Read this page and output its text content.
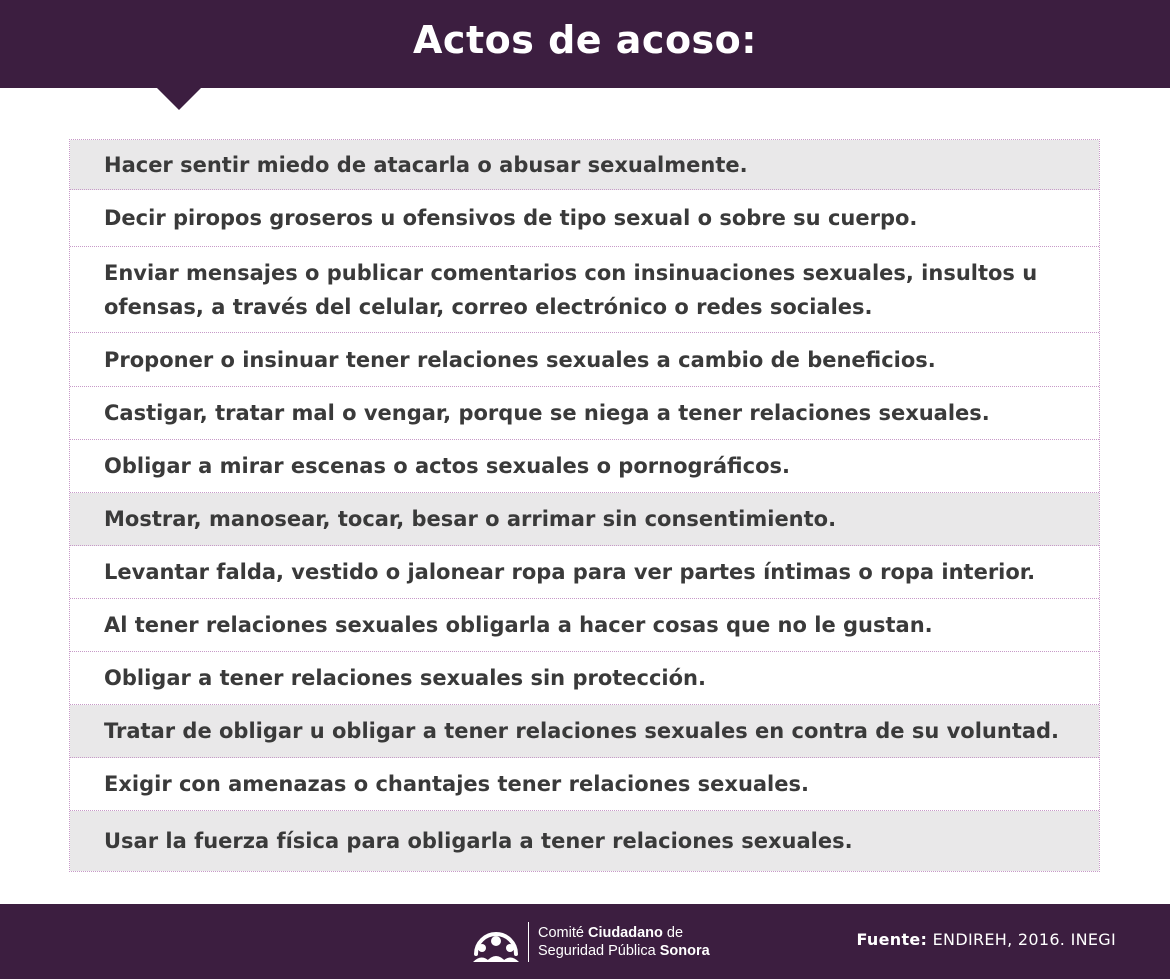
Actos de acoso:
Hacer sentir miedo de atacarla o abusar sexualmente.
Decir piropos groseros u ofensivos de tipo sexual o sobre su cuerpo.
Enviar mensajes o publicar comentarios con insinuaciones sexuales, insultos u ofensas, a través del celular, correo electrónico o redes sociales.
Proponer o insinuar tener relaciones sexuales a cambio de beneficios.
Castigar, tratar mal o vengar, porque se niega a tener relaciones sexuales.
Obligar a mirar escenas o actos sexuales o pornográficos.
Mostrar, manosear, tocar, besar o arrimar sin consentimiento.
Levantar falda, vestido o jalonear ropa para ver partes íntimas o ropa interior.
Al tener relaciones sexuales obligarla a hacer cosas que no le gustan.
Obligar a tener relaciones sexuales sin protección.
Tratar de obligar u obligar a tener relaciones sexuales en contra de su voluntad.
Exigir con amenazas o chantajes tener relaciones sexuales.
Usar la fuerza física para obligarla a tener relaciones sexuales.
Comité Ciudadano de
Seguridad Pública Sonora
Fuente: ENDIREH, 2016. INEGI
